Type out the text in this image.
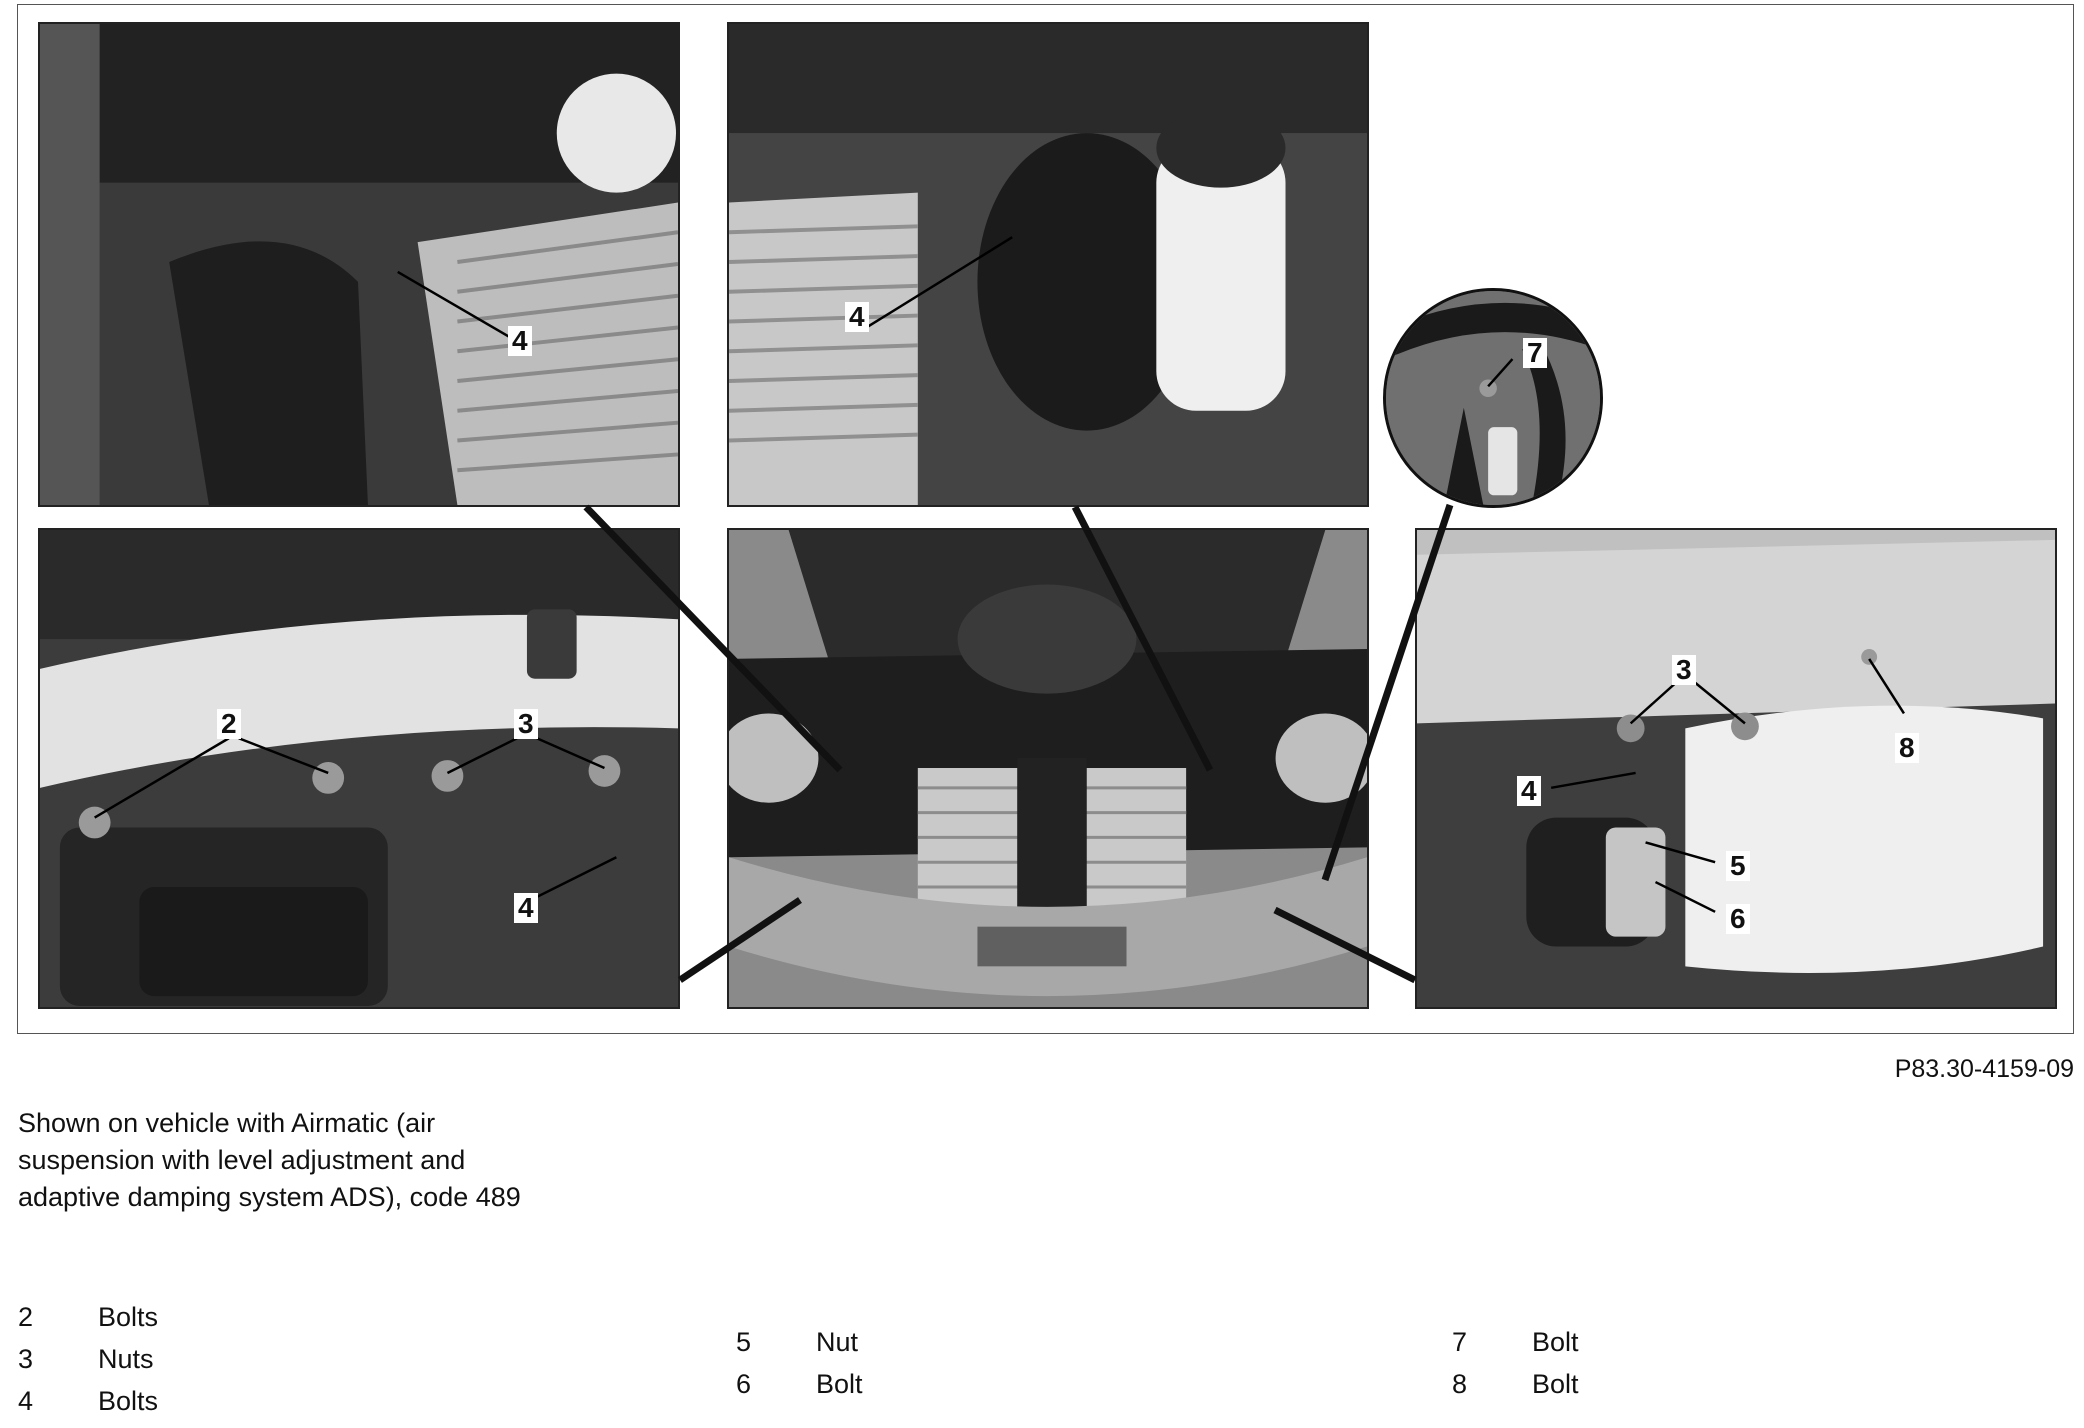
4
4
2	3
4
3
8
4
5
6
7
P83.30-4159-09
Shown on vehicle with Airmatic (air suspension with level adjustment and adaptive damping system ADS), code 489
2	Bolts
3	Nuts
4	Bolts
5	Nut
6	Bolt
7	Bolt
8	Bolt
